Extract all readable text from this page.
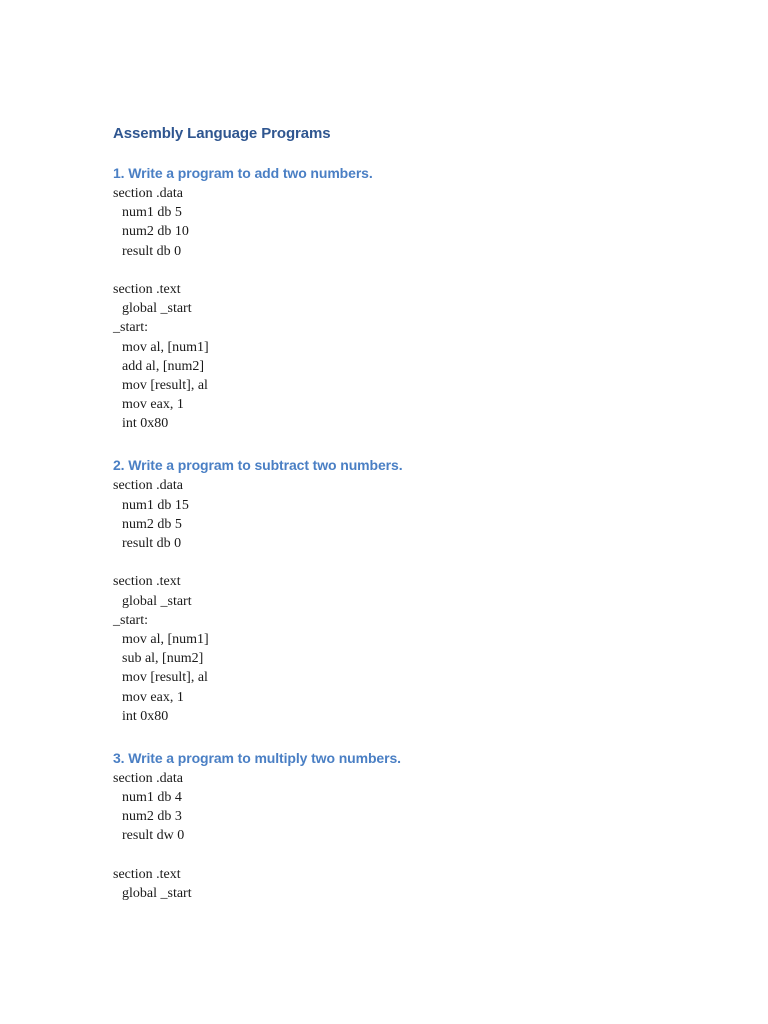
Assembly Language Programs
1. Write a program to add two numbers.
section .data
num1 db 5
num2 db 10
result db 0
section .text
global _start
_start:
mov al, [num1]
add al, [num2]
mov [result], al
mov eax, 1
int 0x80
2. Write a program to subtract two numbers.
section .data
num1 db 15
num2 db 5
result db 0
section .text
global _start
_start:
mov al, [num1]
sub al, [num2]
mov [result], al
mov eax, 1
int 0x80
3. Write a program to multiply two numbers.
section .data
num1 db 4
num2 db 3
result dw 0
section .text
global _start
